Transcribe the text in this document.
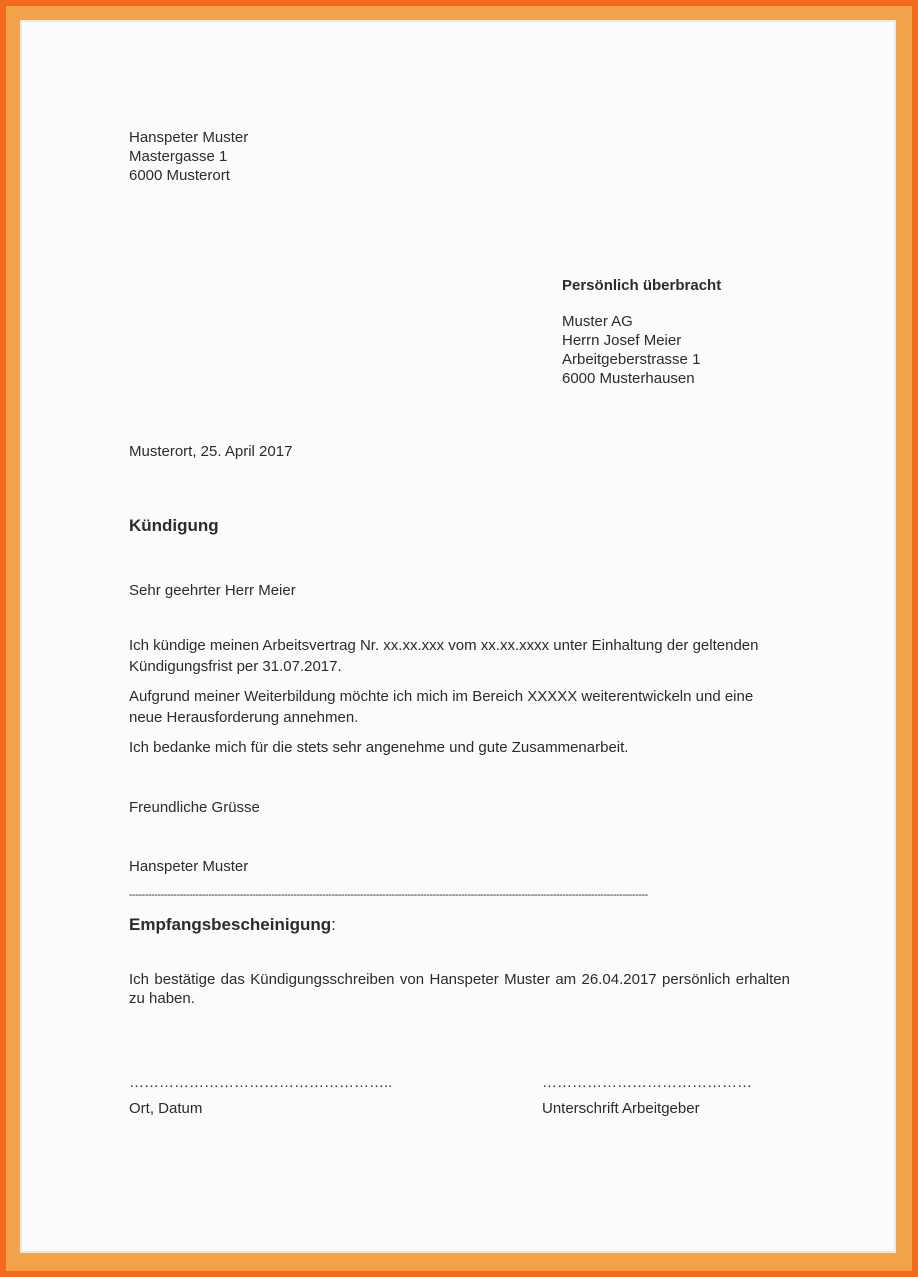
Hanspeter Muster
Mastergasse 1
6000 Musterort
Persönlich überbracht
Muster AG
Herrn Josef Meier
Arbeitgeberstrasse 1
6000 Musterhausen
Musterort, 25. April 2017
Kündigung
Sehr geehrter Herr Meier
Ich kündige meinen Arbeitsvertrag Nr. xx.xx.xxx vom xx.xx.xxxx unter Einhaltung der geltenden
Kündigungsfrist per 31.07.2017.
Aufgrund meiner Weiterbildung möchte ich mich im Bereich XXXXX weiterentwickeln und eine
neue Herausforderung annehmen.
Ich bedanke mich für die stets sehr angenehme und gute Zusammenarbeit.
Freundliche Grüsse
Hanspeter Muster
--------------------------------------------------------------------------------------------------------------------------------------------------------------------
Empfangsbescheinigung:
Ich bestätige das Kündigungsschreiben von Hanspeter Muster am 26.04.2017 persönlich erhalten zu haben.
……………………………………………..	……………………………………
Ort, Datum	Unterschrift Arbeitgeber
